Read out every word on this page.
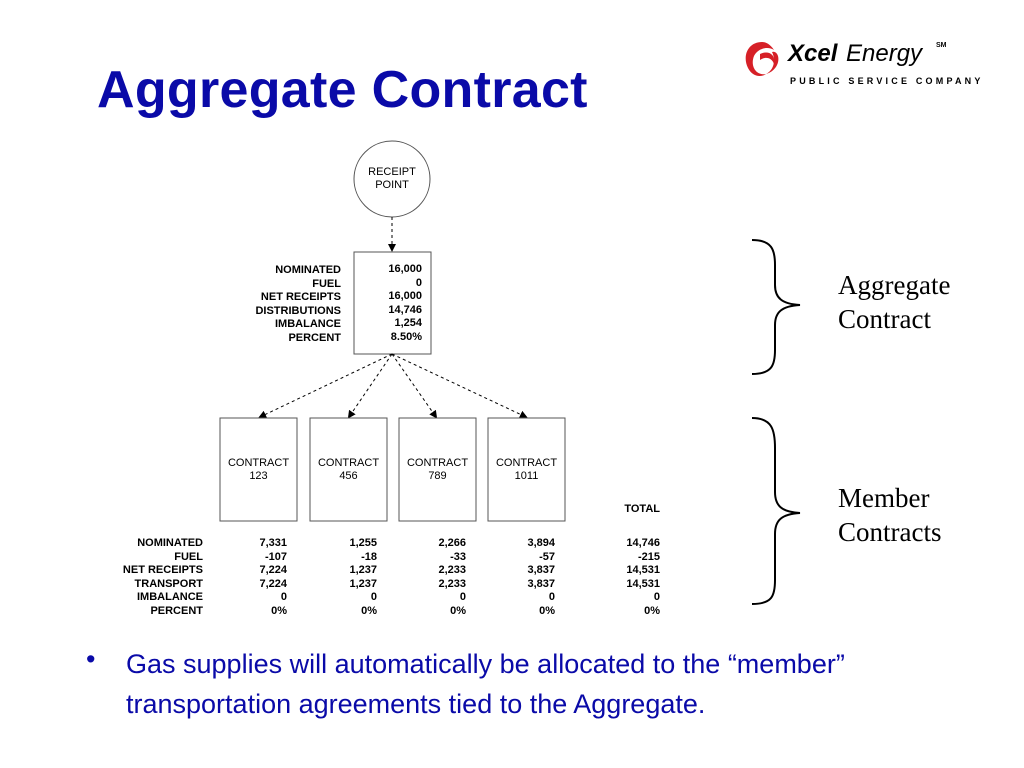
Aggregate Contract
Xcel Energy SM
PUBLIC SERVICE COMPANY
RECEIPT
POINT
NOMINATED
FUEL
NET RECEIPTS
DISTRIBUTIONS
IMBALANCE
PERCENT
16,000
0
16,000
14,746
1,254
8.50%
CONTRACT
123
CONTRACT
456
CONTRACT
789
CONTRACT
1011
TOTAL
NOMINATED
FUEL
NET RECEIPTS
TRANSPORT
IMBALANCE
PERCENT
7,331
-107
7,224
7,224
0
0%
1,255
-18
1,237
1,237
0
0%
2,266
-33
2,233
2,233
0
0%
3,894
-57
3,837
3,837
0
0%
14,746
-215
14,531
14,531
0
0%
Aggregate
Contract
Member
Contracts
• Gas supplies will automatically be allocated to the “member” transportation agreements tied to the Aggregate.
